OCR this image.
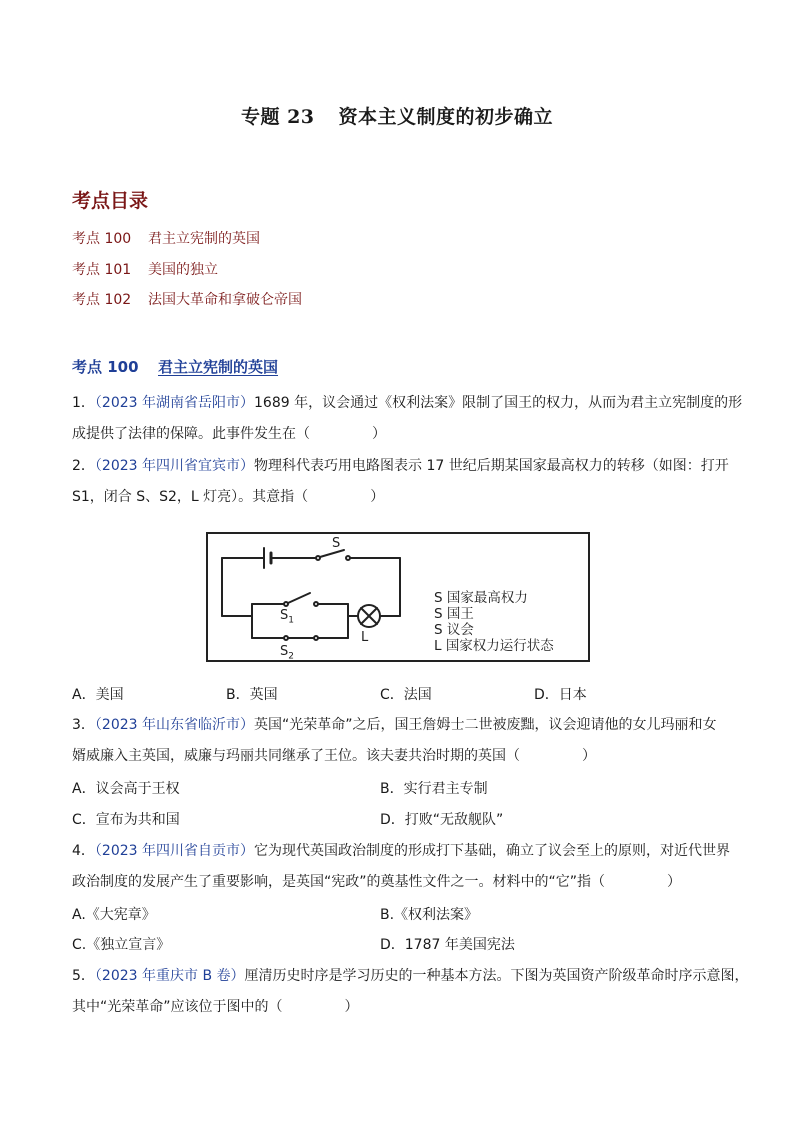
专题 23 资本主义制度的初步确立
考点目录
考点 100 君主立宪制的英国
考点 101 美国的独立
考点 102 法国大革命和拿破仑帝国
考点 100 君主立宪制的英国
1．（2023 年湖南省岳阳市）1689 年，议会通过《权利法案》限制了国王的权力，从而为君主立宪制度的形
成提供了法律的保障。此事件发生在（	）
2．（2023 年四川省宜宾市）物理科代表巧用电路图表示 17 世纪后期某国家最高权力的转移（如图：打开
S1，闭合 S、S2，L 灯亮）。其意指（	）
S
$S_1$
$S_2$
L
S 国家最高权力
S 国王
S 议会
L 国家权力运行状态
A．美国	B．英国	C．法国	D．日本
3．（2023 年山东省临沂市）英国“光荣革命”之后，国王詹姆士二世被废黜，议会迎请他的女儿玛丽和女
婿威廉入主英国，威廉与玛丽共同继承了王位。该夫妻共治时期的英国（	）
A．议会高于王权	B．实行君主专制
C．宣布为共和国	D．打败“无敌舰队”
4．（2023 年四川省自贡市）它为现代英国政治制度的形成打下基础，确立了议会至上的原则，对近代世界
政治制度的发展产生了重要影响，是英国“宪政”的奠基性文件之一。材料中的“它”指（	）
A.《大宪章》	B.《权利法案》
C.《独立宣言》	D．1787 年美国宪法
5．（2023 年重庆市 B 卷）厘清历史时序是学习历史的一种基本方法。下图为英国资产阶级革命时序示意图，
其中“光荣革命”应该位于图中的（	）
